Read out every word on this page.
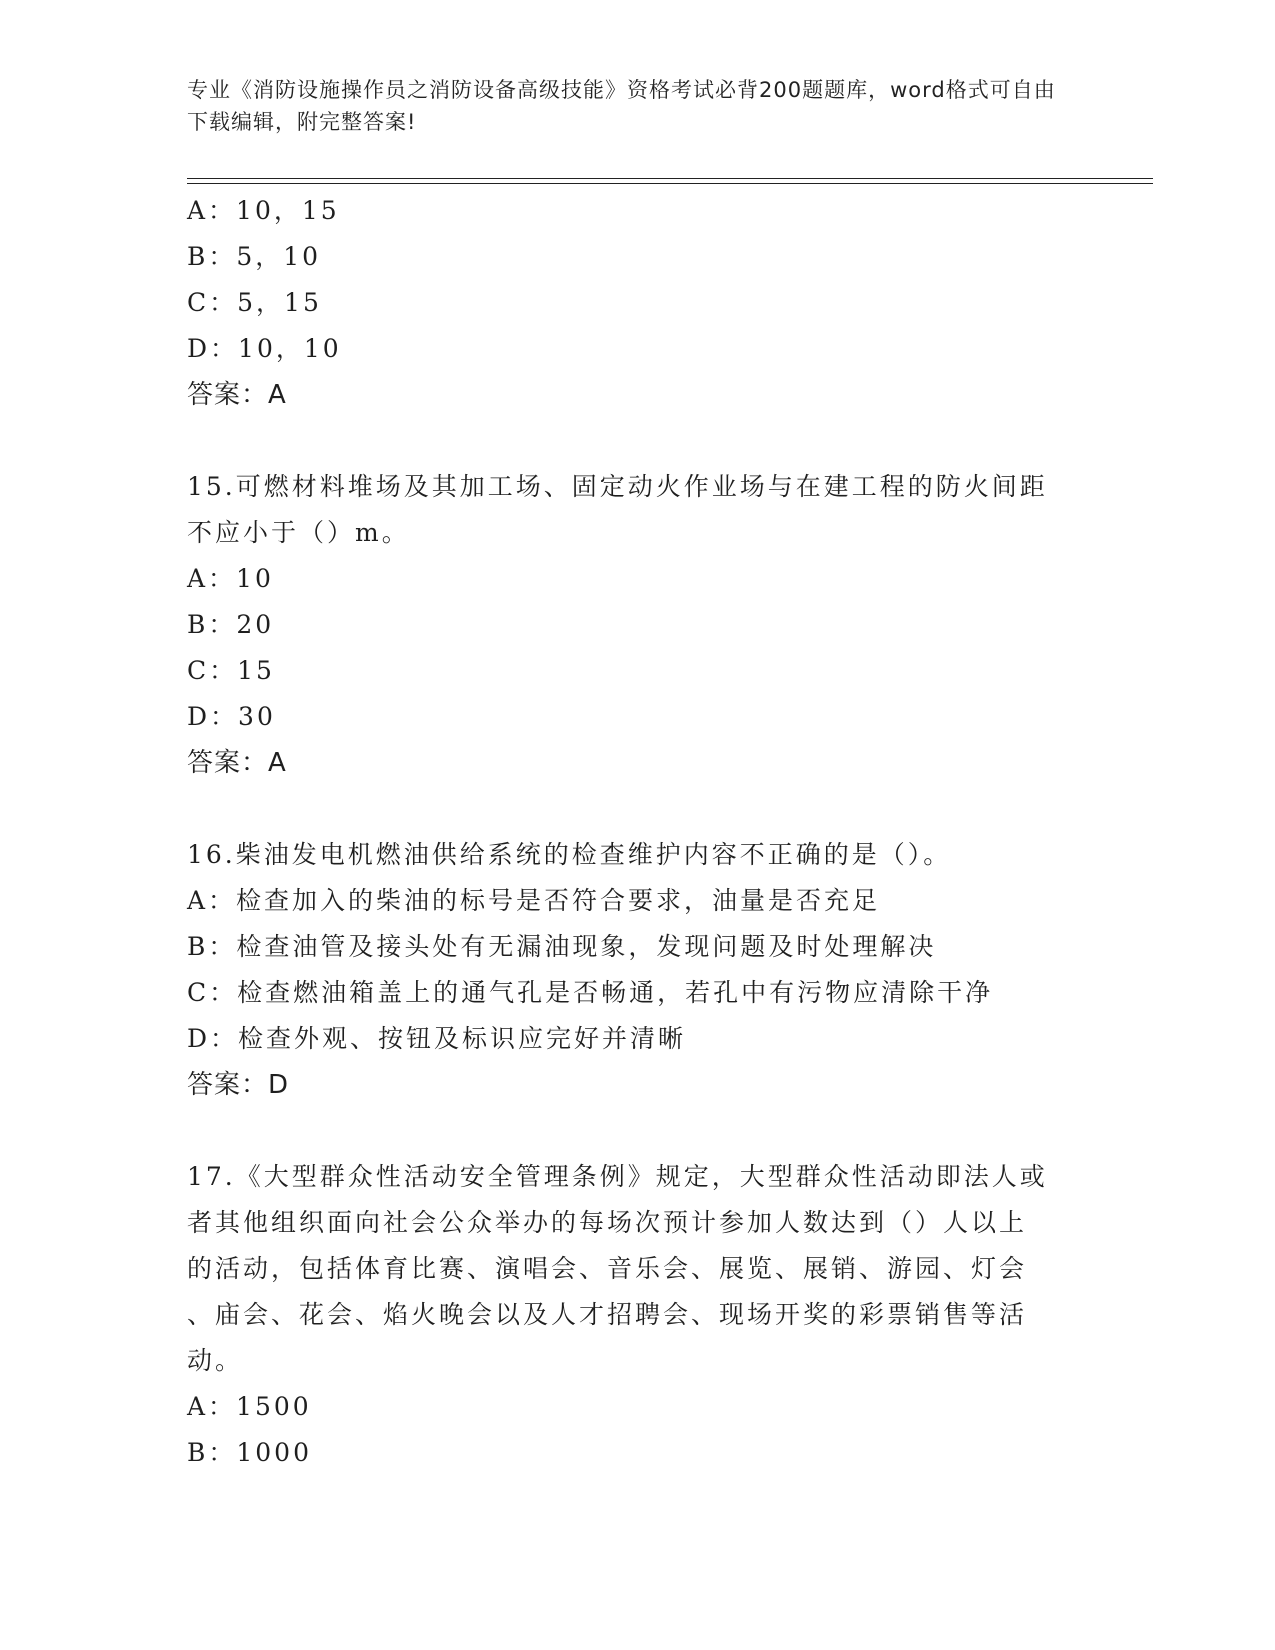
专业《消防设施操作员之消防设备高级技能》资格考试必背200题题库，word格式可自由下载编辑，附完整答案!
A：10，15
B：5，10
C：5，15
D：10，10
答案：A
15.可燃材料堆场及其加工场、固定动火作业场与在建工程的防火间距
不应小于（）m。
A：10
B：20
C：15
D：30
答案：A
16.柴油发电机燃油供给系统的检查维护内容不正确的是（）。
A：检查加入的柴油的标号是否符合要求，油量是否充足
B：检查油管及接头处有无漏油现象，发现问题及时处理解决
C：检查燃油箱盖上的通气孔是否畅通，若孔中有污物应清除干净
D：检查外观、按钮及标识应完好并清晰
答案：D
17.《大型群众性活动安全管理条例》规定，大型群众性活动即法人或
者其他组织面向社会公众举办的每场次预计参加人数达到（）人以上
的活动，包括体育比赛、演唱会、音乐会、展览、展销、游园、灯会
、庙会、花会、焰火晚会以及人才招聘会、现场开奖的彩票销售等活
动。
A：1500
B：1000
